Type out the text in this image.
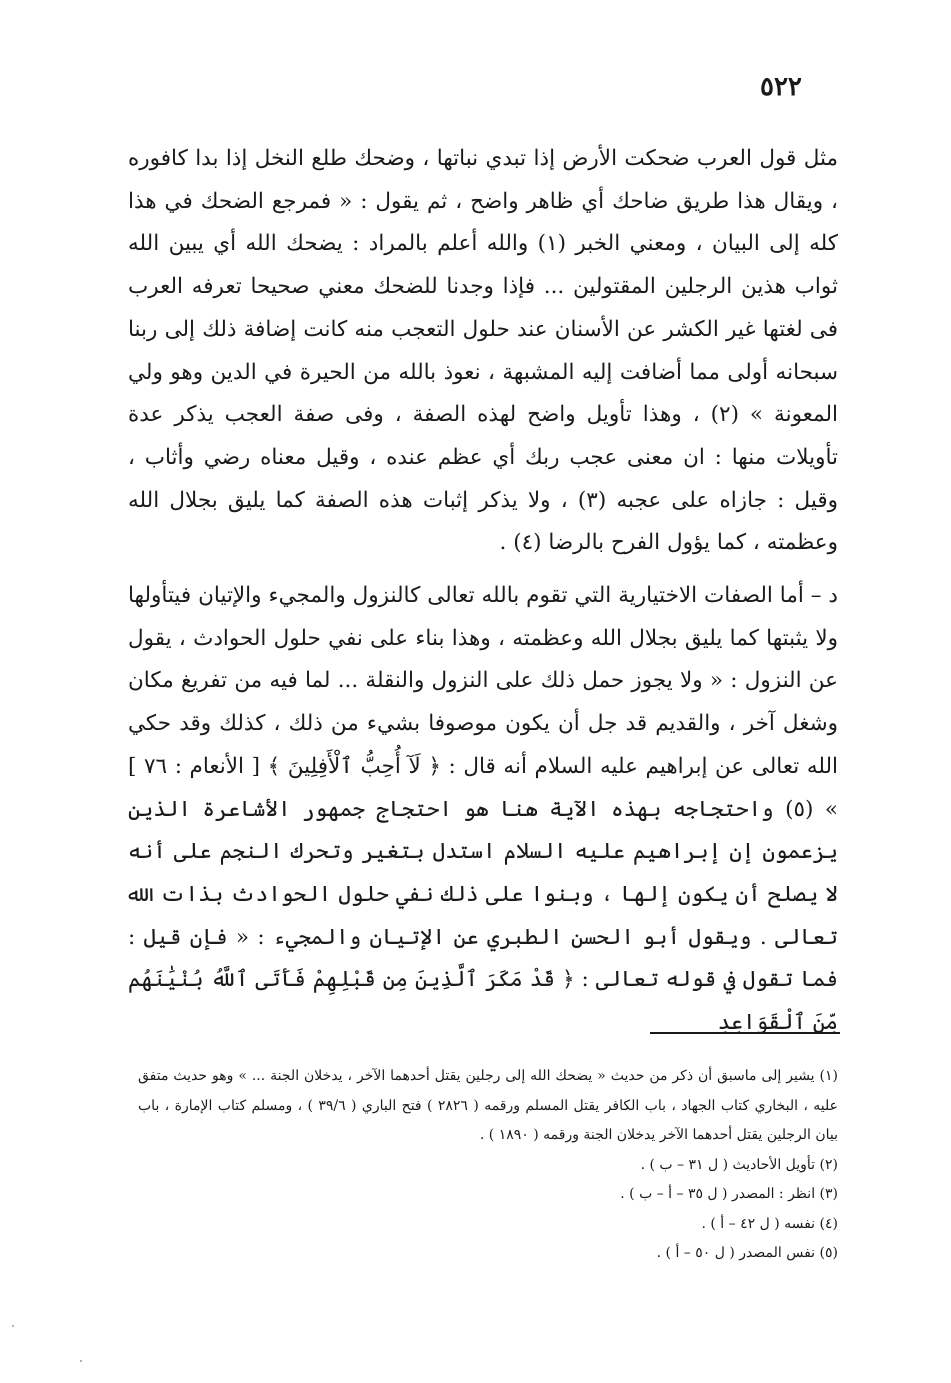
٥٢٢

مثل قول العرب ضحكت الأرض إذا تبدي نباتها ، وضحك طلع النخل إذا بدا كافوره ، ويقال هذا طريق ضاحك أي ظاهر واضح ، ثم يقول : « فمرجع الضحك في هذا كله إلى البيان ، ومعني الخبر (١) والله أعلم بالمراد : يضحك الله أي يبين الله ثواب هذين الرجلين المقتولين ... فإذا وجدنا للضحك معني صحيحا تعرفه العرب فى لغتها غير الكشر عن الأسنان عند حلول التعجب منه كانت إضافة ذلك إلى ربنا سبحانه أولى مما أضافت إليه المشبهة ، نعوذ بالله من الحيرة في الدين وهو ولي المعونة » (٢) ، وهذا تأويل واضح لهذه الصفة ، وفى صفة العجب يذكر عدة تأويلات منها : ان معنى عجب ربك أي عظم عنده ، وقيل معناه رضي وأثاب ، وقيل : جازاه على عجبه (٣) ، ولا يذكر إثبات هذه الصفة كما يليق بجلال الله وعظمته ، كما يؤول الفرح بالرضا (٤) .

د – أما الصفات الاختيارية التي تقوم بالله تعالى كالنزول والمجيء والإتيان فيتأولها ولا يثبتها كما يليق بجلال الله وعظمته ، وهذا بناء على نفي حلول الحوادث ، يقول عن النزول : « ولا يجوز حمل ذلك على النزول والنقلة ... لما فيه من تفريغ مكان وشغل آخر ، والقديم قد جل أن يكون موصوفا بشيء من ذلك ، كذلك وقد حكي الله تعالى عن إبراهيم عليه السلام أنه قال : ﴿ لَآ أُحِبُّ ٱلْأَفِلِينَ ﴾ [ الأنعام : ٧٦ ] » (٥) واحتجاجه بهذه الآية هنا هو احتجاج جمهور الأشاعرة الذين يزعمون إن إبراهيم عليه السلام استدل بتغير وتحرك النجم على أنه لا يصلح أن يكون إلها ، وبنوا على ذلك نفي حلول الحوادث بذات الله تعالى . ويقول أبو الحسن الطبري عن الإتيان والمجيء : « فإن قيل : فما تقول في قوله تعالى : ﴿ قَدْ مَكَرَ ٱلَّذِينَ مِن قَبْلِهِمْ فَأَتَى ٱللَّهُ بُنْيَٰنَهُم مِّنَ ٱلْقَوَاعِدِ

(١) يشير إلى ماسبق أن ذكر من حديث « يضحك الله إلى رجلين يقتل أحدهما الآخر ، يدخلان الجنة ... » وهو حديث متفق عليه ، البخاري كتاب الجهاد ، باب الكافر يقتل المسلم ورقمه ( ٢٨٢٦ ) فتح الباري ( ٣٩/٦ ) ، ومسلم كتاب الإمارة ، باب بيان الرجلين يقتل أحدهما الآخر يدخلان الجنة ورقمه ( ١٨٩٠ ) .

(٢) تأويل الأحاديث ( ل ٣١ – ب ) .

(٣) انظر : المصدر ( ل ٣٥ – أ – ب ) .

(٤) نفسه ( ل ٤٢ – أ ) .

(٥) نفس المصدر ( ل ٥٠ – أ ) .
